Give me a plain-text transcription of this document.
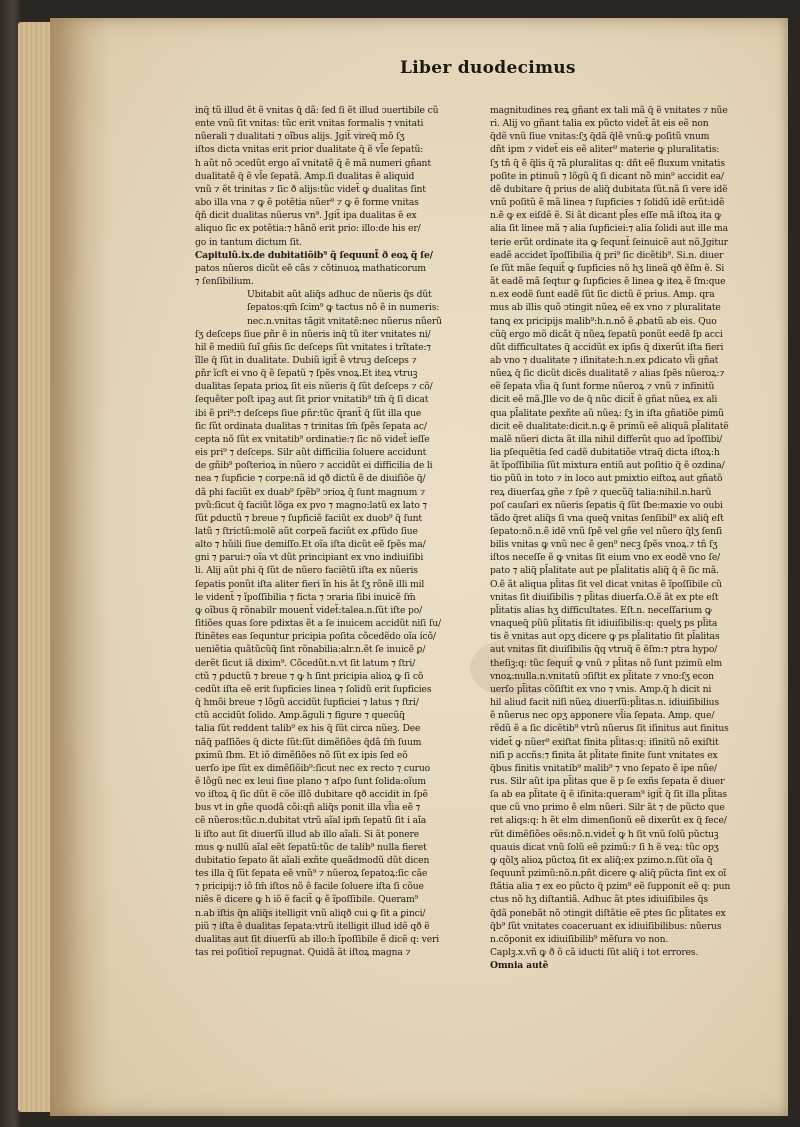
Liber duodecimus
inq̃ tũ illud ẽt ẽ vnitas q̃ dã: ſed ſi ẽt illud ↄuertibile cũ
ente vnũ ſit vnitas: tũc erit vnitas formalis ⁊ vnitati
nũerali ⁊ dualitati ⁊ oĩbus alijs. Jgit̃ vireq̃ mõ ſʒ
iſtos dicta vnitas erit prior dualitate q̃ ẽ vl̃e ſepatũ:
h aũt nõ ↄcedũt ergo aĩ vnitatẽ q̃ ẽ mã numeri gñant
dualitatẽ q̃ ẽ vl̃e ſepatã. Amp.ſi dualitas ẽ aliquid
vnũ ⁊ ẽt trinitas ⁊ ſic ð alijs:tũc videt̃ ꝙ dualitas ſint
abo illa vna ⁊ ꝙ ẽ potẽtia nũer⁹ ⁊ ꝙ ẽ forme vnitas
q̃ñ dicit dualitas nũerus vn⁹. Jgit̃ ipa dualitas ẽ ex
aliquo ſic ex potẽtia:⁊ hãnõ erit prio: illo:de his er/
go in tantum dictum ſit.
Capitulũ.ix.de dubitatiõib⁹ q̃ ſequunt̃ ð eoꝝ q̃ ſe/
patos nũeros dicũt eẽ cãs ⁊ cõtinuoꝝ mathaticorum
⁊ ſenſibilium.
Ubitabit aũt aliq̃s adhuc de nũeris q̃s dũt
ſepatos:qm̃ ſcim⁹ ꝙ tactus nõ ẽ in numeris:
nec.n.vnitas tãgit vnitatẽ:nec nũerus nũerũ
ſʒ deſceps ſiue ꝑñr ẽ in nũeris inq̃ tũ iter vnitates ni/
hil ẽ mediũ ſuĩ gñis ſic deſceps ſũt vnitates i trĩtate:⁊
ĩlle q̃ ſũt in dualitate. Dubiũ igit̃ ẽ vtruꝫ deſceps ⁊
ꝑñr ĩcſt ei vno q̃ ẽ ſepatũ ⁊ ſpẽs vnoꝝ.Et iteꝝ vtruꝫ
dualitas ſepata prioꝝ ſit eis nũeris q̃ ſũt deſceps ⁊ cõ/
ſequẽter poſt ipaꝫ aut ſit prior vnitatib⁹ tm̃ q̃ ſi dicat
ibi ẽ pri⁹:⁊ deſceps ſiue ꝑñr:tũc q̃rant̃ q̃ ſũt illa que
ſic ſũt ordinata dualitas ⁊ trinitas ſm̃ ſpẽs ſepata ac/
cepta nõ ſũt ex vnitatib⁹ ordinatie:⁊ ſic nõ videt̃ ieſſe
eis pri⁹ ⁊ deſceps. Silr aũt difficilia ſoluere accidunt
de gñib⁹ poſterioꝝ in nũero ⁊ accidũt ei difficilia de li
nea ⁊ ſupficie ⁊ corpe:nã id qð dictũ ẽ de diuiſiõe q̃/
dã phi faciũt ex duab⁹ ſpẽb⁹ ↄrioꝝ q̃ ſunt magnum ⁊
pvũ:ſicut q̃ faciũt lõga ex pvo ⁊ magno:latũ ex lato ⁊
ſũt ꝑductũ ⁊ breue ⁊ ſupficiẽ faciũt ex duob⁹ q̃ ſunt
latũ ⁊ ſtrictũ:molẽ aũt corꝑeã faciũt ex ꝓfũdo ſiue
alto ⁊ hũili ſiue demiſſo.Et oĩa iſta dicũt eẽ ſpẽs ma/
gni ⁊ parui:⁊ oĩa vt dũt principiant ex vno indiuiſibi
li. Alij aũt phi q̃ ſũt de nũero faciẽtũ iſta ex nũeris
ſepatis ponũt iſta aliter fieri ĩn his ãt ſʒ rõnẽ illi mil
le vident̃ ⁊ ĩpoſſibilia ⁊ ficta ⁊ ↄraria ſibi inuicẽ ſm̃
ꝙ oĩbus q̃ rõnabilr mouent̃ videt̃:talea.n.ſũt iſte po/
ſitiões quas ſore pdixtas ẽt a ſe inuicem accidũt niſi ſu/
ſtinẽtes eas ſequntur pricipia poſita cõcedẽdo oĩa ícõ/
ueniẽtia quãtũcũq̃ ſint rõnabilia:alr.n.ẽt ſe inuicẽ ꝑ/
derẽt ſicut iã dixim⁹. Cõcedũt.n.vt ſit latum ⁊ ſtri/
ctũ ⁊ ꝑductũ ⁊ breue ⁊ ꝙ h ſint pricipia alioꝝ ꝙ ſi cõ
cedũt iſta eẽ erit ſupficies linea ⁊ ſolidũ erit ſupficies
q̃ hmõi breue ⁊ lõgũ accidũt ſupficiei ⁊ latus ⁊ ſtri/
ctũ accidũt ſolido. Amp.ãguli ⁊ figure ⁊ quecũq̃
talia ſũt reddent talib⁹ ex his q̃ ſũt circa nũeꝫ. Dee
nãq̃ paſſiões q̃ dicte ſũt:ſũt dimẽſiões q̃dã ſm̃ ſuum
ꝑximũ ſbm. Et iõ dimẽſiões nõ ſũt ex ipis ſed eõ
uerſo ipe ſũt ex dimẽſiõib⁹:ſicut nec ex recto ⁊ curuo
ẽ lõgũ nec ex leui ſiue plano ⁊ aſpo ſunt ſolida:oĩum
vo iſtoꝝ q̃ ſic dũt ẽ cõe illõ dubitare qð accidit in ſpẽ
bus vt in gñe quodã cõi:qñ aliq̃s ponit illa vl̃ia eẽ ⁊
cẽ nũeros:tũc.n.dubitat vtrũ aĩal ipm̃ ſepatũ ſit i aĩa
li iſto aut ſit diuerſũ illud ab illo aĩali. Si ãt ponere
mus ꝙ nullũ aĩal eẽt ſepatũ:tũc de talib⁹ nulla fieret
dubitatio ſepato ãt aĩali exñte queãdmodũ dũt dicen
tes illa q̃ ſũt ſepata eẽ vnũ⁹ ⁊ nũeroꝝ ſepatoꝝ:ſic cãe
⁊ pricipij:⁊ iõ ſm̃ iſtos nõ ẽ facile ſoluere iſta ſi cõue
niẽs ẽ dicere ꝙ h iõ ẽ facit̃ ꝙ ẽ ĩpoſſibile. Queram⁹
n.ab iſtis q̃n aliq̃s itelligit vnũ aliqð cui ꝙ ſit a ꝑinci/
piũ ⁊ iſta ẽ dualitas ſepata:vtrũ itelligit illud idẽ qð ẽ
dualitas aut ſit diuerſũ ab illo:h ĩpoſſibile ẽ dicẽ q: veri
tas rei poſitioĩ repugnat. Quidã ãt iſtoꝝ magna ⁊
magnitudines reꝝ gñant ex tali mã q̃ ẽ vnitates ⁊ nũe
ri. Alij vo gñant talia ex pũcto videt̃ ãt eis eẽ non
q̃dẽ vnũ ſiue vnitas:ſʒ q̃dã q̃lẽ vnũ:ꝙ poſitũ vnum
dñt ipm ⁊ videt̃ eis eẽ aliter⁹ materie ꝙ pluralitatis:
ſʒ tñ q̃ ẽ q̃lis q̃ ⁊ã pluralitas q: dñt eẽ fluxum vnitatis
poſite in ꝑtinuũ ⁊ lõgũ q̃ ſi dicant nõ min⁹ accidit ea/
dẽ dubitare q̃ prius de aliq̃ dubitata ſũt.nã ſi vere idẽ
vnũ poſitũ ẽ mã linea ⁊ ſupficies ⁊ ſolidũ idẽ erũt:idẽ
n.ẽ ꝙ ex eiſdẽ ẽ. Si ãt dicant pl̃es eſſe mã iſtoꝝ ita ꝙ
alia ſit linee mã ⁊ alia ſupficiei:⁊ alia ſolidi aut ille ma
terie erũt ordinate ita ꝙ ſequnt̃ ſeinuicẽ aut nõ.Jgitur
eadẽ accidet ĩpoſſibilia q̃ pri⁹ ſic dicẽtib⁹. Si.n. diuer
ſe ſũt mãe ſequit̃ ꝙ ſupficies nõ hʒ lineã qð ẽſm ẽ. Si
ãt eadẽ mã ſeqtur ꝙ ſupficies ẽ linea ꝙ iteꝝ ẽ ſm:que
n.ex eodẽ ſunt eadẽ ſũt ſic dictũ ẽ prius. Amp. qra
mus ab illis quõ ↄtingit nũeꝝ eẽ ex vno ⁊ pluralitate
tanꝗ ex pricipijs malib⁹:h.n.nõ ẽ ꝓbatũ ab eis. Quo
cũq̃ ergo mõ dicãt q̃ nũeꝝ ſepatũ ponũt eedẽ ſp acci
dũt difficultates q̃ accidũt ex ipſis q̃ dixerũt iſta fieri
ab vno ⁊ dualitate ⁊ iſinitate:h.n.ex ꝑdicato vl̃i gñat
nũeꝝ q̃ ſic dicũt dicẽs dualitatẽ ⁊ alias ſpẽs nũeroꝝ:⁊
eẽ ſepata vl̃ia q̃ ſunt forme nũeroꝝ ⁊ vnũ ⁊ infinitũ
dicit eẽ mã.Jlle vo de q̃ nũc dicit̃ ẽ gñat nũeꝝ ex ali
qua pl̃alitate ꝑexñte aũ nũeꝝ: ſʒ in iſta gñatiõe pimũ
dicit eẽ dualitate:dicit.n.ꝙ ẽ primũ eẽ aliquã pl̃alitatẽ
malẽ nũeri dicta ãt illa nihil differũt quo ad ĩpoſſibi/
lia pſequẽtia ſed cadẽ dubitatiõe vtraq̃ dicta iſtoꝝ:h
ãt ĩpoſſibilia ſũt mixtura entiũ aut poſitio q̃ ẽ ozdina/
tio pũũ in toto ⁊ in loco aut pmixtio eiſtoꝝ aut gñatõ
reꝝ diuerſaꝝ gñe ⁊ ſpẽ ⁊ quecũq̃ talia:nihil.n.harũ
poſ cauſari ex nũeris ſepatis q̃ ſũt ſbe:maxie vo oubi
tãdo q̃ret aliq̃s ſi vna queq̃ vnitas ſenſibil⁹ ex aliq̃ eſt
ſepato:nõ.n.ẽ idẽ vnũ ſpẽ vel gñe vel nũero q̃lʒ ſenſi
bilis vnitas ꝙ vnũ nec ẽ gen⁹ necꝫ ſpẽs vnoꝝ.⁊ tñ ſʒ
iſtos neceſſe ẽ ꝙ vnitas ſit eium vno ex eodẽ vno ſe/
pato ⁊ aliq̃ pl̃alitate aut pe pl̃alitatis aliq̃ q̃ ẽ ſic mã.
O.ẽ ãt aliqua pl̃itas ſit vel dicat vnitas ẽ ĩpoſſibile cũ
vnitas ſit diuiſibilis ⁊ pl̃itas diuerſa.O.ẽ ãt ex pte eſt
pl̃itatis alias hʒ difficultates. Eſt.n. neceſſarium ꝙ
vnaqueq̃ pũũ pl̃itatis ſit idiuiſibilis:q: quelʒ ps pl̃ita
tis ẽ vnitas aut opʒ dicere ꝙ ps pl̃alitatio ſit pl̃alitas
aut vnitas ſit diuiſibilis q̃q vtruq̃ ẽ ẽſm:⁊ ptra hypo/
theſiꝫ:q: tũc ſequit̃ ꝙ vnũ ⁊ pl̃itas nõ ſunt pzimũ elm
vnoꝝ:nulla.n.vnitatũ ↄſiſtit ex pl̃itate ⁊ vno:ſʒ econ
uerſo pl̃itas cõſiſtit ex vno ⁊ vnis. Amp.q̃ h dicit ni
hil aliud facit niſi nũeꝝ diuerſũ:pl̃itas.n. idiuiſibilius
ẽ nũerus nec opʒ apponere vl̃ia ſepata. Amp. que/
rẽdũ ẽ a ſic dicẽtib⁹ vtrũ nũerus ſit iſinitus aut finitus
videt̃ ꝙ nũer⁹ exiſtat finita pl̃itas:q: iſinitũ nõ exiſtit
niſi p accñs:⁊ finita ãt pl̃itate finite ſunt vnitates ex
q̃bus finitis vnitatib⁹ malib⁹ ⁊ vno ſepato ẽ ipe nũe/
rus. Silr aũt ipa pl̃itas que ẽ p ſe exñs ſepata ẽ diuer
ſa ab ea pl̃itate q̃ ẽ iſinita:queram⁹ igit̃ q̃ ſit illa pl̃itas
que cũ vno primo ẽ elm nũeri. Silr ãt ⁊ de pũcto que
ret aliqs:q: h ẽt elm dimenſionũ eẽ dixerũt ex q̃ fece/
rũt dimẽſiões oẽs:nõ.n.videt̃ ꝙ h ſit vnũ ſolũ pũctuꝫ
quauis dicat vnũ ſolũ eẽ pzimũ:⁊ ſi h ẽ veꝝ: tũc opʒ
ꝙ qõlʒ alioꝝ pũctoꝝ ſit ex aliq̃:ex pzimo.n.ſũt oĩa q̃
ſequunt̃ pzimũ:nõ.n.pñt dicere ꝙ aliq̃ pũcta ſint ex oĩ
ſtãtia alia ⁊ ex eo pũcto q̃ pzim⁹ eẽ ſupponit eẽ q: pun
ctus nõ hʒ diſtantiã. Adhuc ãt ptes idiuiſibiles q̃s
q̃dã ponebãt nõ ↄtingit diſtãtie eẽ ptes ſic pl̃itates ex
q̃b⁹ ſũt vnitates coaceruant ex idiuiſibilibus: nũerus
n.cõponit ex idiuiſibilib⁹ mẽſura vo non.
Caplꝫ.x.vñ ꝙ ð õ cã iducti ſũt aliq̃ i tot errores.
Omnia autẽ
